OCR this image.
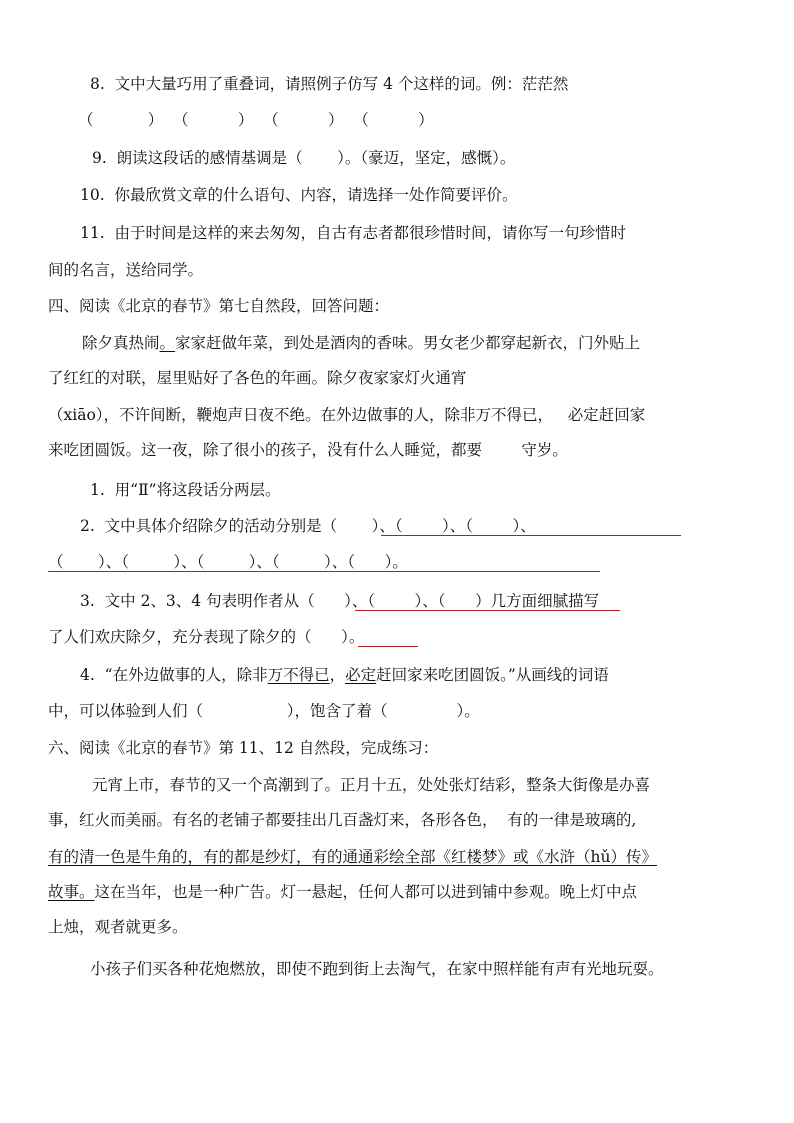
8.  文中大量巧用了重叠词，请照例子仿写 4 个这样的词。例：茫茫然
（           ）  （          ）  （          ）  （          ）
9.  朗读这段话的感情基调是（       ）。（豪迈，坚定，感慨）。
10.  你最欣赏文章的什么语句、内容，请选择一处作简要评价。
11.  由于时间是这样的来去匆匆，自古有志者都很珍惜时间，请你写一句珍惜时
间的名言，送给同学。
四、阅读《北京的春节》第七自然段，回答问题：
除夕真热闹。家家赶做年菜，到处是酒肉的香味。男女老少都穿起新衣，门外贴上
了红红的对联，屋里贴好了各色的年画。除夕夜家家灯火通宵
（xiāo），不许间断，鞭炮声日夜不绝。在外边做事的人，除非万不得已，   必定赶回家
来吃团圆饭。这一夜，除了很小的孩子，没有什么人睡觉，都要        守岁。
1.  用“Ⅱ”将这段话分两层。
2.  文中具体介绍除夕的活动分别是（       ）、（        ）、（        ）、
（       ）、（         ）、（         ）、（         ）、（      ）。
3.  文中 2、3、4 句表明作者从（      ）、（        ）、（      ）几方面细腻描写
了人们欢庆除夕，充分表现了除夕的（      ）。
4.  “在外边做事的人，除非万不得已，必定赶回家来吃团圆饭。”从画线的词语
中，可以体验到人们（                 ），饱含了着（              ）。
六、阅读《北京的春节》第 11、12 自然段，完成练习：
元宵上市，春节的又一个高潮到了。正月十五，处处张灯结彩，整条大街像是办喜
事，红火而美丽。有名的老铺子都要挂出几百盏灯来，各形各色，  有的一律是玻璃的,
有的清一色是牛角的，有的都是纱灯，有的通通彩绘全部《红楼梦》或《水浒（hǔ）传》
故事。这在当年，也是一种广告。灯一悬起，任何人都可以进到铺中参观。晚上灯中点
上烛，观者就更多。
小孩子们买各种花炮燃放，即使不跑到街上去淘气，在家中照样能有声有光地玩耍。
